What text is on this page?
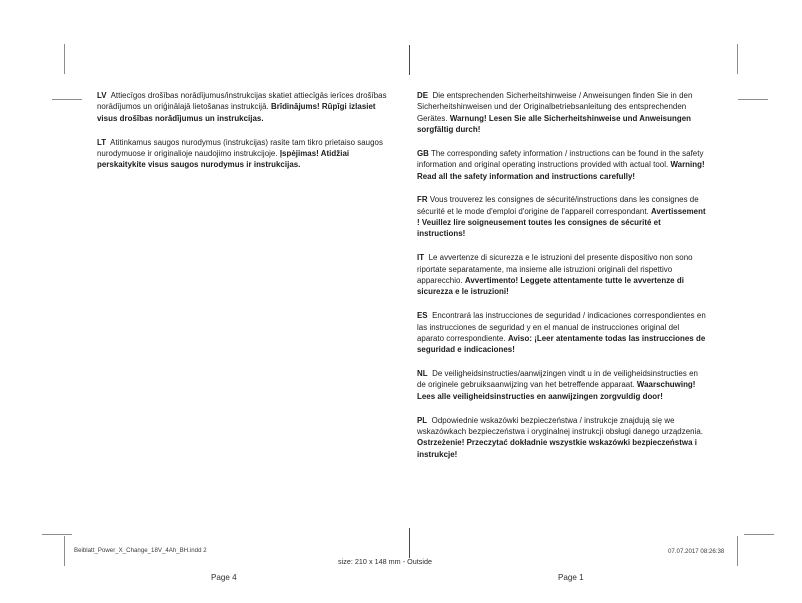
LV Attiecīgos drošības norādījumus/instrukcijas skatiet attiecīgās ierīces drošības norādījumos un oriģinālajā lietošanas instrukcijā. Brīdinājums! Rūpīgi izlasiet visus drošības norādījumus un instrukcijas.

LT Atitinkamus saugos nurodymus (instrukcijas) rasite tam tikro prietaiso saugos nurodymuose ir originalioje naudojimo instrukcijoje. Įspėjimas! Atidžiai perskaitykite visus saugos nurodymus ir instrukcijas.

DE Die entsprechenden Sicherheitshinweise / Anweisungen finden Sie in den Sicherheitshinweisen und der Originalbetriebsanleitung des entsprechenden Gerätes. Warnung! Lesen Sie alle Sicherheitshinweise und Anweisungen sorgfältig durch!

GB The corresponding safety information / instructions can be found in the safety information and original operating instructions provided with actual tool. Warning! Read all the safety information and instructions carefully!

FR Vous trouverez les consignes de sécurité/instructions dans les consignes de sécurité et le mode d'emploi d'origine de l'appareil correspondant. Avertissement ! Veuillez lire soigneusement toutes les consignes de sécurité et instructions!

IT Le avvertenze di sicurezza e le istruzioni del presente dispositivo non sono riportate separatamente, ma insieme alle istruzioni originali del rispettivo apparecchio. Avvertimento! Leggete attentamente tutte le avvertenze di sicurezza e le istruzioni!

ES Encontrará las instrucciones de seguridad / indicaciones correspondientes en las instrucciones de seguridad y en el manual de instrucciones original del aparato correspondiente. Aviso: ¡Leer atentamente todas las instrucciones de seguridad e indicaciones!

NL De veiligheidsinstructies/aanwijzingen vindt u in de veiligheidsinstructies en de originele gebruiksaanwijzing van het betreffende apparaat. Waarschuwing! Lees alle veiligheidsinstructies en aanwijzingen zorgvuldig door!

PL Odpowiednie wskazówki bezpieczeństwa / instrukcje znajdują się we wskazówkach bezpieczeństwa i oryginalnej instrukcji obsługi danego urządzenia. Ostrzeżenie! Przeczytać dokładnie wszystkie wskazówki bezpieczeństwa i instrukcje!

Beiblatt_Power_X_Change_18V_4Ah_BH.indd 2
size: 210 x 148 mm - Outside
07.07.2017 08:26:38
Page 4	Page 1
